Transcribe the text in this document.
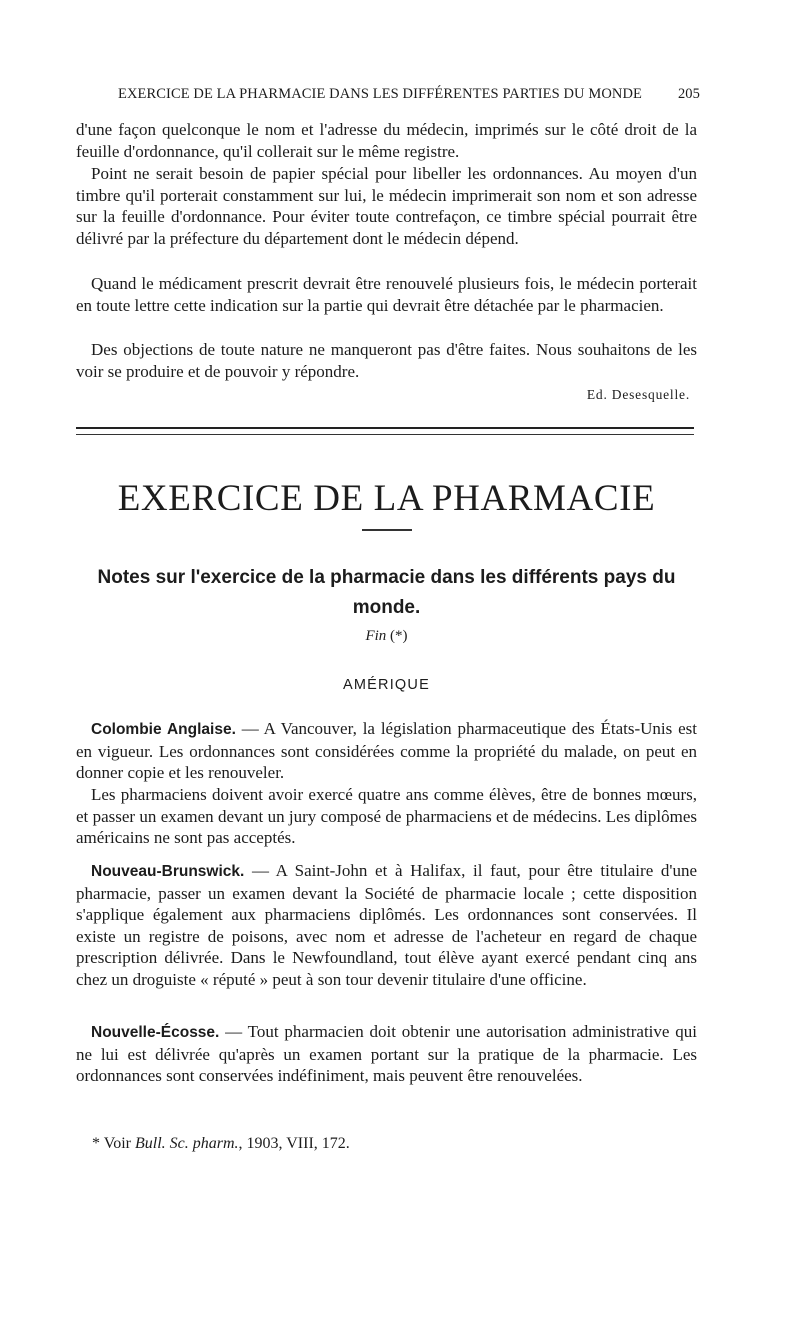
EXERCICE DE LA PHARMACIE DANS LES DIFFÉRENTES PARTIES DU MONDE 205

d'une façon quelconque le nom et l'adresse du médecin, imprimés sur le côté droit de la feuille d'ordonnance, qu'il collerait sur le même registre.

Point ne serait besoin de papier spécial pour libeller les ordonnances. Au moyen d'un timbre qu'il porterait constamment sur lui, le médecin imprimerait son nom et son adresse sur la feuille d'ordonnance. Pour éviter toute contrefaçon, ce timbre spécial pourrait être délivré par la préfecture du département dont le médecin dépend.

Quand le médicament prescrit devrait être renouvelé plusieurs fois, le médecin porterait en toute lettre cette indication sur la partie qui devrait être détachée par le pharmacien.

Des objections de toute nature ne manqueront pas d'être faites. Nous souhaitons de les voir se produire et de pouvoir y répondre.

Ed. Desesquelle.
EXERCICE DE LA PHARMACIE
Notes sur l'exercice de la pharmacie dans les différents pays du monde.
Fin (*)
AMÉRIQUE

Colombie Anglaise. — A Vancouver, la législation pharmaceutique des États-Unis est en vigueur. Les ordonnances sont considérées comme la propriété du malade, on peut en donner copie et les renouveler.

Les pharmaciens doivent avoir exercé quatre ans comme élèves, être de bonnes mœurs, et passer un examen devant un jury composé de pharmaciens et de médecins. Les diplômes américains ne sont pas acceptés.

Nouveau-Brunswick. — A Saint-John et à Halifax, il faut, pour être titulaire d'une pharmacie, passer un examen devant la Société de pharmacie locale ; cette disposition s'applique également aux pharmaciens diplômés. Les ordonnances sont conservées. Il existe un registre de poisons, avec nom et adresse de l'acheteur en regard de chaque prescription délivrée. Dans le Newfoundland, tout élève ayant exercé pendant cinq ans chez un droguiste « réputé » peut à son tour devenir titulaire d'une officine.

Nouvelle-Écosse. — Tout pharmacien doit obtenir une autorisation administrative qui ne lui est délivrée qu'après un examen portant sur la pratique de la pharmacie. Les ordonnances sont conservées indéfiniment, mais peuvent être renouvelées.

* Voir Bull. Sc. pharm., 1903, VIII, 172.
